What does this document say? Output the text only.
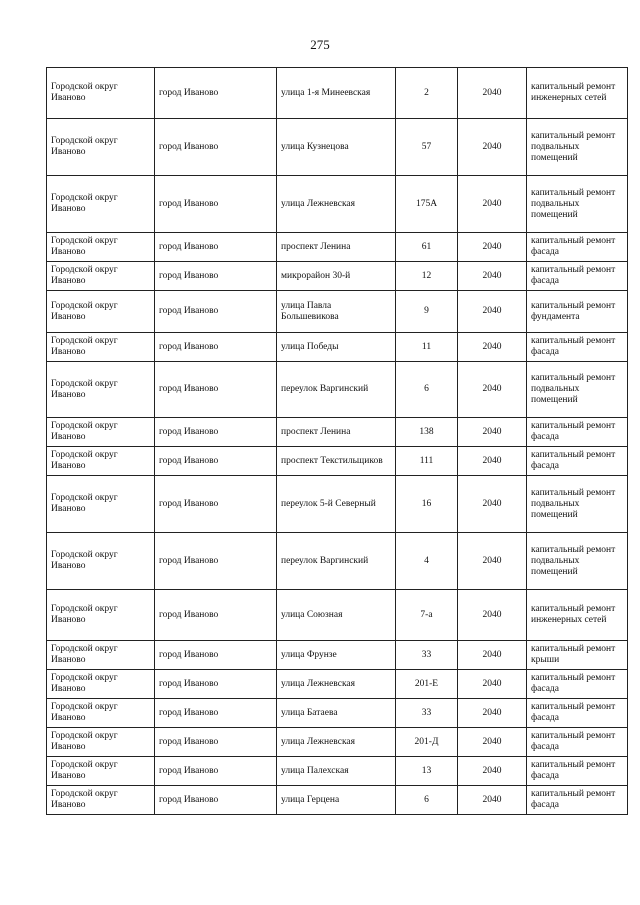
275
Городской округ Иваново	город Иваново	улица 1-я Минеевская	2	2040	капитальный ремонт инженерных сетей
Городской округ Иваново	город Иваново	улица Кузнецова	57	2040	капитальный ремонт подвальных помещений
Городской округ Иваново	город Иваново	улица Лежневская	175А	2040	капитальный ремонт подвальных помещений
Городской округ Иваново	город Иваново	проспект Ленина	61	2040	капитальный ремонт фасада
Городской округ Иваново	город Иваново	микрорайон 30-й	12	2040	капитальный ремонт фасада
Городской округ Иваново	город Иваново	улица Павла Большевикова	9	2040	капитальный ремонт фундамента
Городской округ Иваново	город Иваново	улица Победы	11	2040	капитальный ремонт фасада
Городской округ Иваново	город Иваново	переулок Варгинский	6	2040	капитальный ремонт подвальных помещений
Городской округ Иваново	город Иваново	проспект Ленина	138	2040	капитальный ремонт фасада
Городской округ Иваново	город Иваново	проспект Текстильщиков	111	2040	капитальный ремонт фасада
Городской округ Иваново	город Иваново	переулок 5-й Северный	16	2040	капитальный ремонт подвальных помещений
Городской округ Иваново	город Иваново	переулок Варгинский	4	2040	капитальный ремонт подвальных помещений
Городской округ Иваново	город Иваново	улица Союзная	7-а	2040	капитальный ремонт инженерных сетей
Городской округ Иваново	город Иваново	улица Фрунзе	33	2040	капитальный ремонт крыши
Городской округ Иваново	город Иваново	улица Лежневская	201-Е	2040	капитальный ремонт фасада
Городской округ Иваново	город Иваново	улица Батаева	33	2040	капитальный ремонт фасада
Городской округ Иваново	город Иваново	улица Лежневская	201-Д	2040	капитальный ремонт фасада
Городской округ Иваново	город Иваново	улица Палехская	13	2040	капитальный ремонт фасада
Городской округ Иваново	город Иваново	улица Герцена	6	2040	капитальный ремонт фасада
